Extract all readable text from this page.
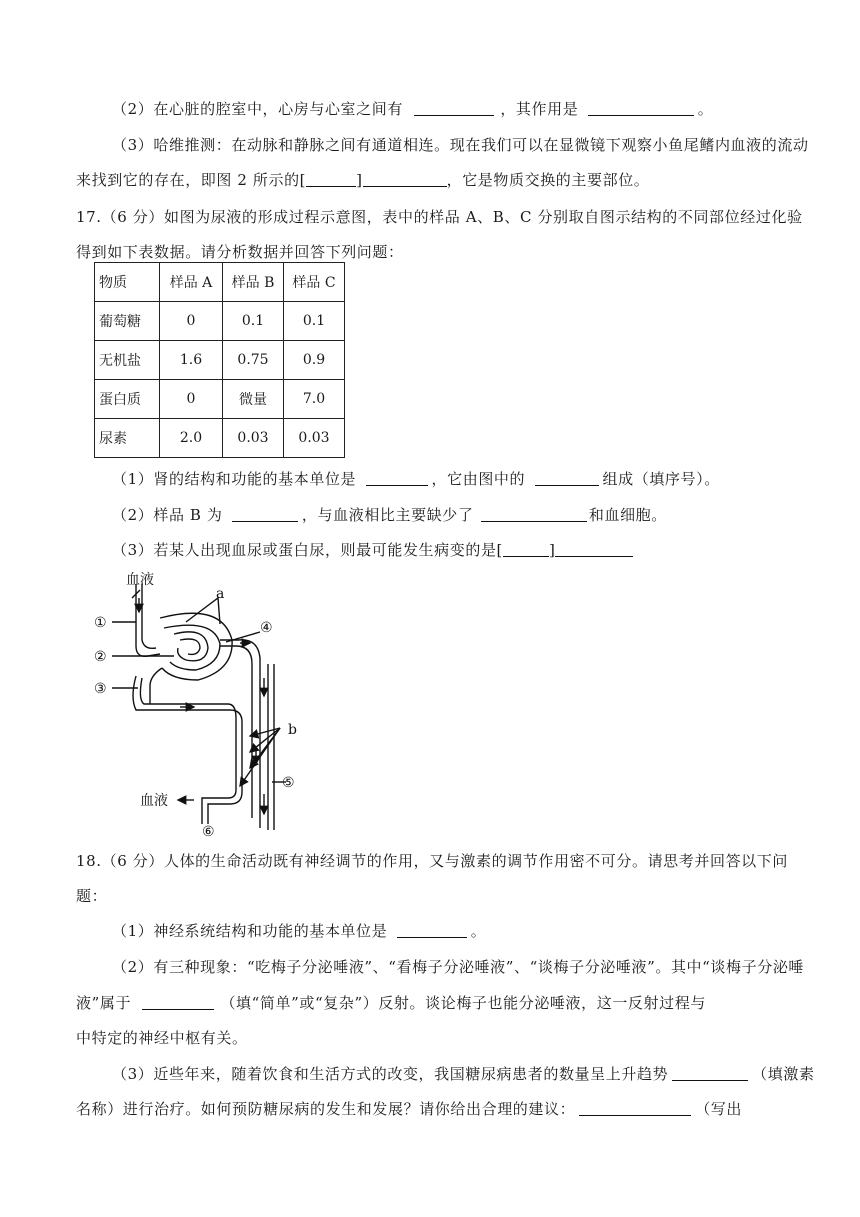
（2）在心脏的腔室中，心房与心室之间有	，其作用是	。
（3）哈维推测：在动脉和静脉之间有通道相连。现在我们可以在显微镜下观察小鱼尾鳍内血液的流动
来找到它的存在，即图 2 所示的[	]	，它是物质交换的主要部位。
17.（6 分）如图为尿液的形成过程示意图，表中的样品 A、B、C 分别取自图示结构的不同部位经过化验
得到如下表数据。请分析数据并回答下列问题：
物质	样品 A	样品 B	样品 C
葡萄糖	0	0.1	0.1
无机盐	1.6	0.75	0.9
蛋白质	0	微量	7.0
尿素	2.0	0.03	0.03
（1）肾的结构和功能的基本单位是	，它由图中的	组成（填序号）。
（2）样品 B 为	，与血液相比主要缺少了	和血细胞。
（3）若某人出现血尿或蛋白尿，则最可能发生病变的是[	]
血液
①
②
③
④
⑤
⑥
a
b
血液
18.（6 分）人体的生命活动既有神经调节的作用，又与激素的调节作用密不可分。请思考并回答以下问
题：
（1）神经系统结构和功能的基本单位是	。
（2）有三种现象：“吃梅子分泌唾液”、“看梅子分泌唾液”、“谈梅子分泌唾液”。其中“谈梅子分泌唾
液”属于	（填“简单”或“复杂”）反射。谈论梅子也能分泌唾液，这一反射过程与
中特定的神经中枢有关。
（3）近些年来，随着饮食和生活方式的改变，我国糖尿病患者的数量呈上升趋势	（填激素
名称）进行治疗。如何预防糖尿病的发生和发展？请你给出合理的建议：	（写出
